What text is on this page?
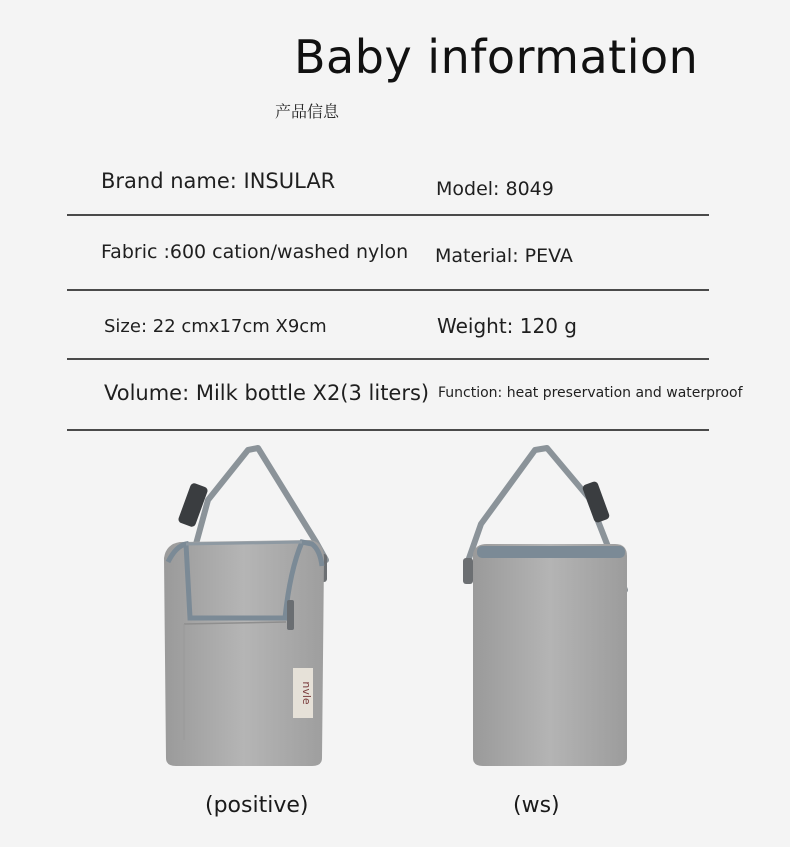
Baby information
产品信息
Brand name: INSULAR	Model: 8049
Fabric :600 cation/washed nylon Material: PEVA
Size: 22 cmx17cm X9cm	Weight: 120 g
Volume: Milk bottle X2(3 liters) Function: heat preservation and waterproof
nvle
(positive)	(ws)
